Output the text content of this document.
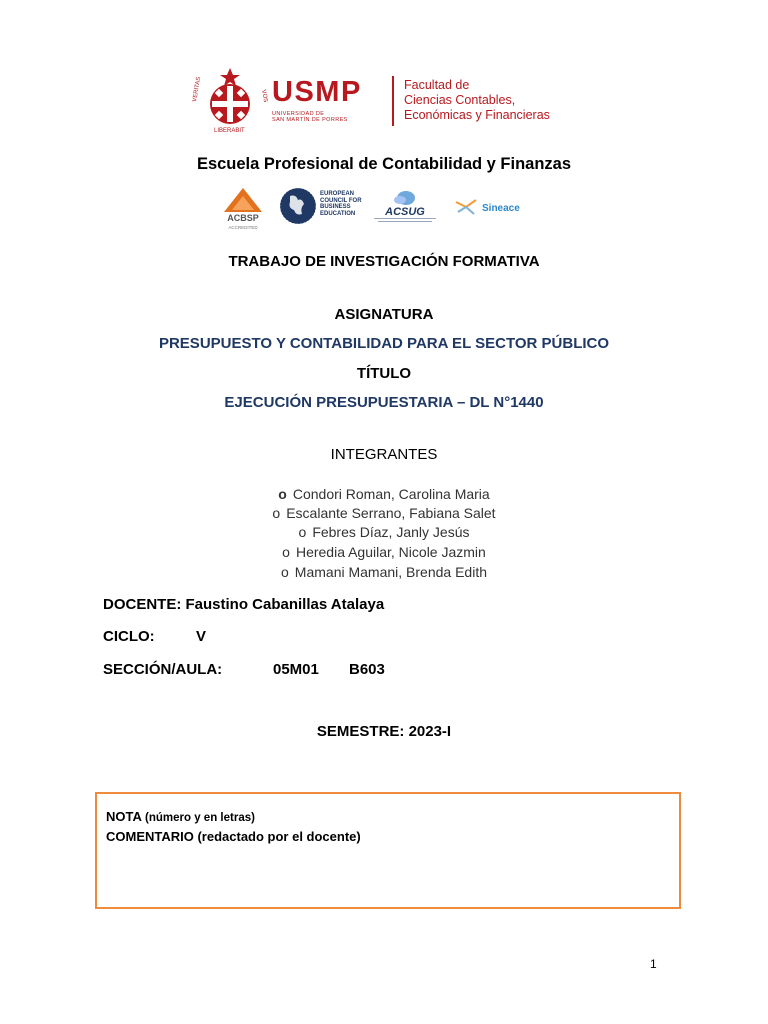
VERITAS
LIBERABIT
VOS USMP
UNIVERSIDAD DE
SAN MARTÍN DE PORRES
Facultad de
Ciencias Contables,
Económicas y Financieras
Escuela Profesional de Contabilidad y Finanzas
ACBSP
ACCREDITED
EUROPEAN
COUNCIL FOR
BUSINESS
EDUCATION	ACSUG	Sineace
TRABAJO DE INVESTIGACIÓN FORMATIVA
ASIGNATURA
PRESUPUESTO Y CONTABILIDAD PARA EL SECTOR PÚBLICO
TÍTULO
EJECUCIÓN PRESUPUESTARIA – DL N°1440
INTEGRANTES
o Condori Roman, Carolina Maria
o Escalante Serrano, Fabiana Salet
o Febres Díaz, Janly Jesús
o Heredia Aguilar, Nicole Jazmin
o Mamani Mamani, Brenda Edith
DOCENTE: Faustino Cabanillas Atalaya
CICLO:	V
SECCIÓN/AULA:	05M01 B603
SEMESTRE: 2023-I
NOTA (número y en letras)
COMENTARIO (redactado por el docente)
1
